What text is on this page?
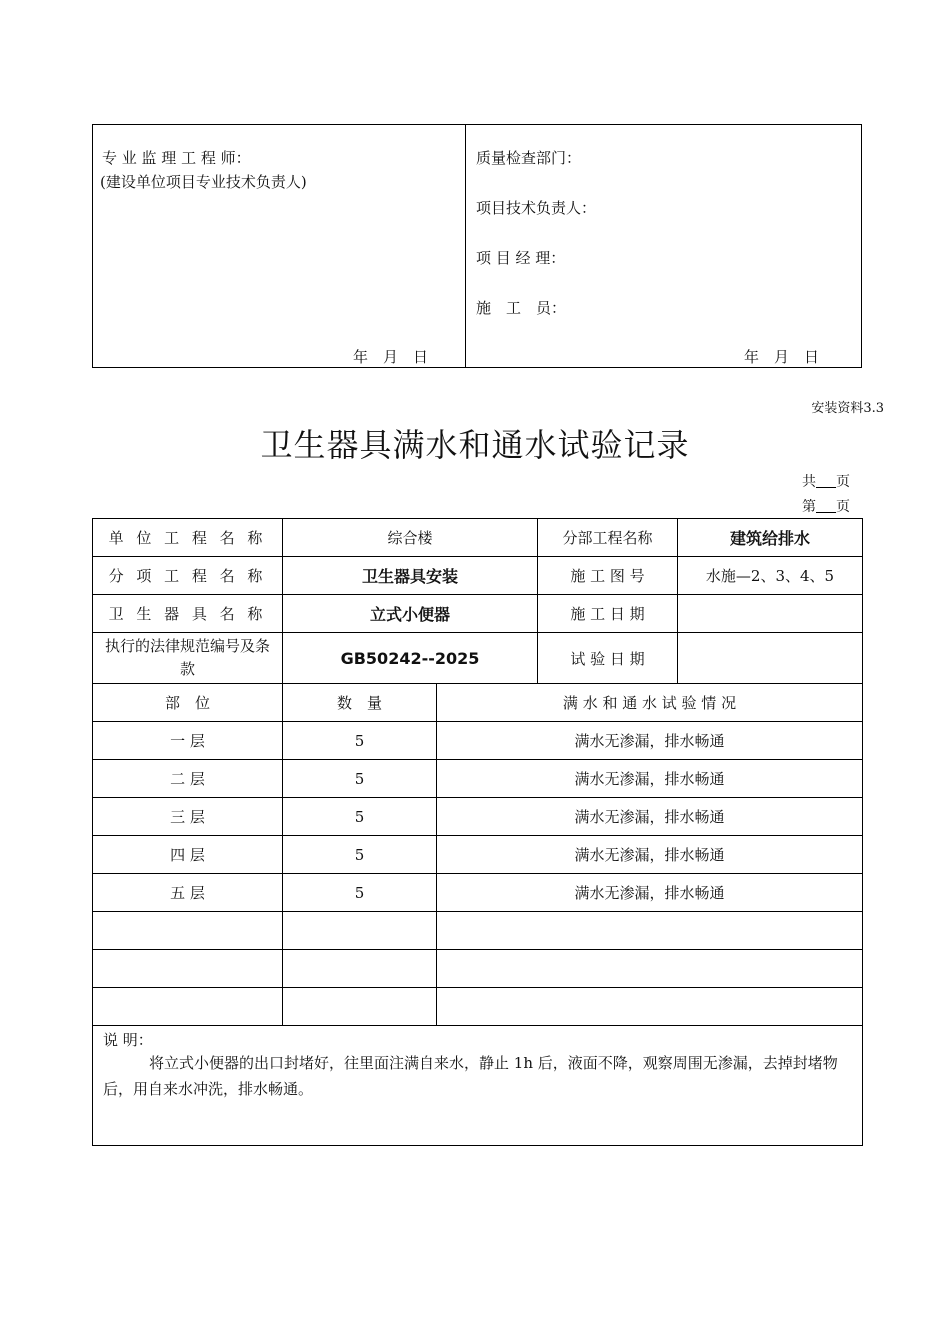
专 业 监 理 工 程 师：
(建设单位项目专业技术负责人)
年　月　日
质量检查部门：
项目技术负责人：
项 目 经 理：
施　工　员：
年　月　日
安装资料3.3
卫生器具满水和通水试验记录
共 页
第 页
单 位 工 程 名 称	综合楼		分部工程名称	建筑给排水
分 项 工 程 名 称	卫生器具安装		施 工 图 号	水施—2、3、4、5
卫 生 器 具 名 称	立式小便器		施 工 日 期	
执行的法律规范编号及条款	GB50242--2025		试 验 日 期	
部　位	数　量	满 水 和 通 水 试 验 情 况		
一 层	5	满水无渗漏，排水畅通		
二 层	5	满水无渗漏，排水畅通		
三 层	5	满水无渗漏，排水畅通		
四 层	5	满水无渗漏，排水畅通		
五 层	5	满水无渗漏，排水畅通		

说 明：
将立式小便器的出口封堵好，往里面注满自来水，静止 1h 后，液面不降，观察周围无渗漏，去掉封堵物后，用自来水冲洗，排水畅通。				
